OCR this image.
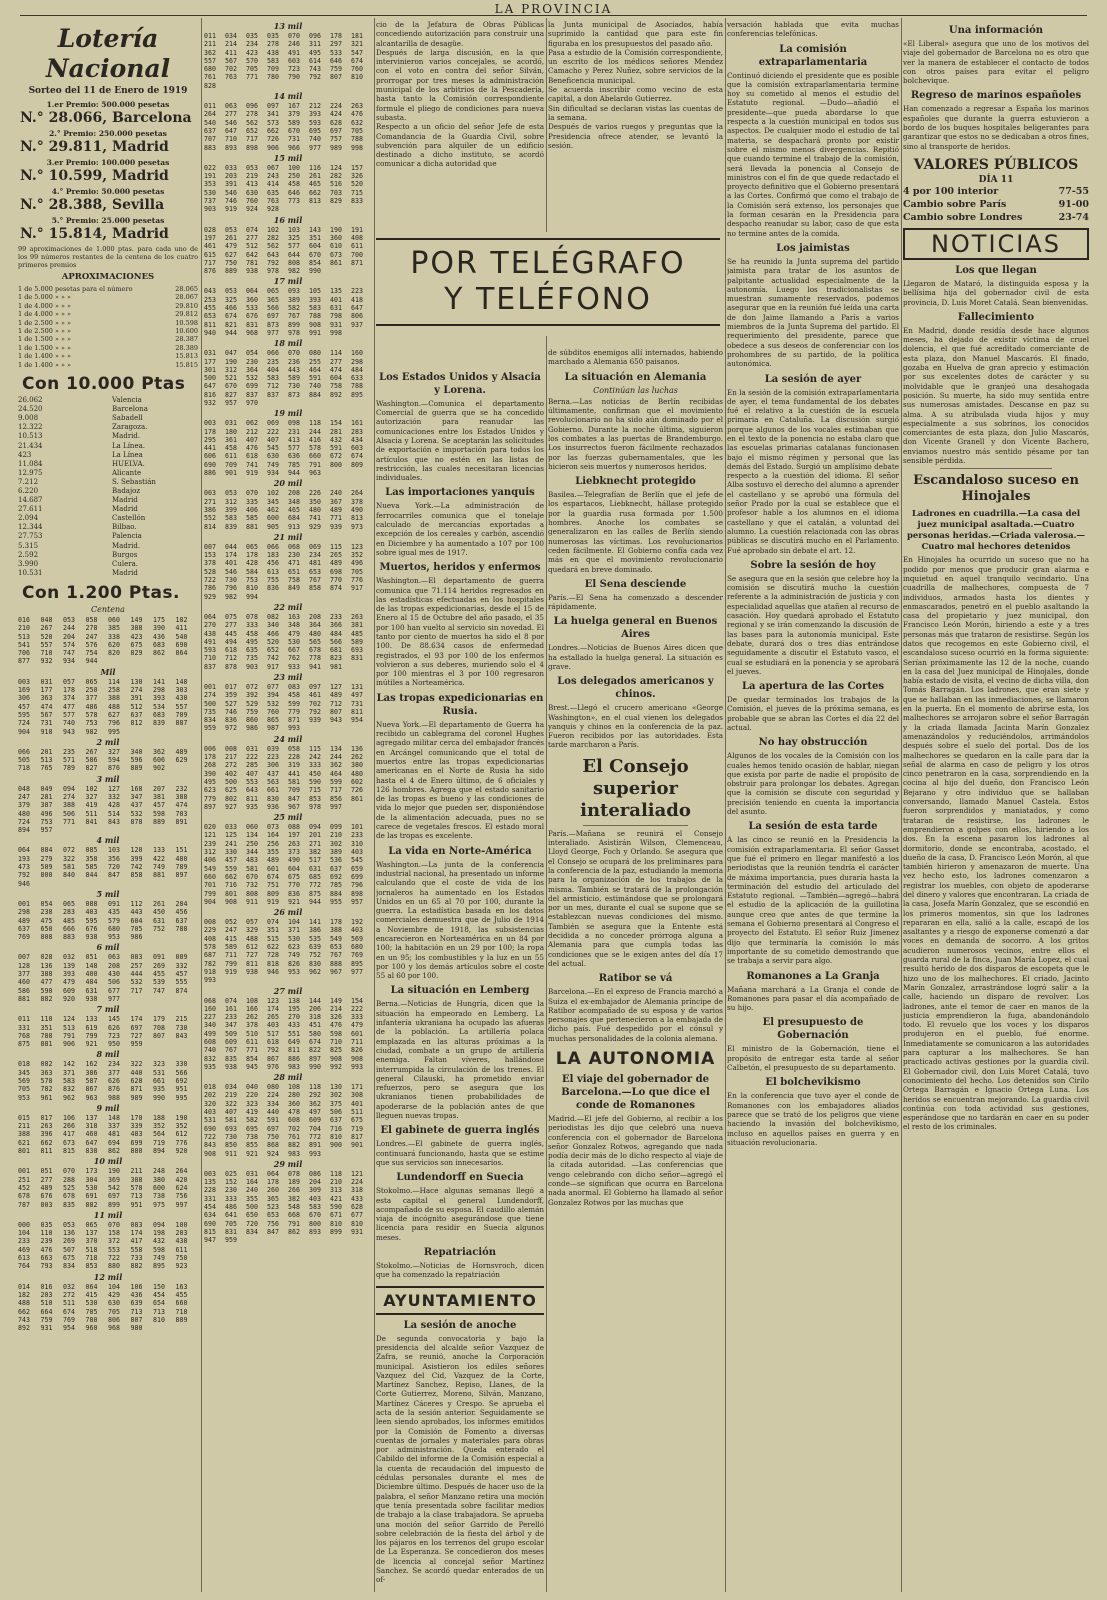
LA PROVINCIA
Lotería Nacional
Sorteo del 11 de Enero de 1919
1.er Premio: 500.000 pesetas
N.° 28.066, Barcelona
2.° Premio: 250.000 pesetas
N.° 29.811, Madrid
3.er Premio: 100.000 pesetas
N.° 10.599, Madrid
4.° Premio: 50.000 pesetas
N.° 28.388, Sevilla
5.° Premio: 25.000 pesetas
N.° 15.814, Madrid

99 aproximaciones de 1.000 ptas. para cada uno de los 99 números restantes de la centena de los cuatro primeros premios

APROXIMACIONES
1 de 5.000 pesetas para el número	28.065
1 de 5.000 » » »	28.067
1 de 4.000 » » »	29.810
1 de 4.000 » » »	29.812
1 de 2.500 » » »	10.598
1 de 2.500 » » »	10.600
1 de 1.500 » » »	28.387
1 de 1.500 » » »	28.389
1 de 1.400 » » »	15.813
1 de 1.400 » » »	15.815
Con 10.000 Ptas
26.062	Valencia
24.520	Barcelona
9.008	Sabadell
12.322	Zaragoza.
10.513	Madrid.
21.434	La Línea.
423	La Línea
11.084	HUELVA.
12.975	Alicante
7.212	S. Sebastián
6.220	Badajoz
14.687	Madrid
27.611	Madrid
2.094	Castellón
12.344	Bilbao.
27.753	Palencia
5.315	Madrid.
2.592	Burgos
3.990	Culera.
10.531	Madrid
Con 1.200 Ptas.
Centena
016	048	053	058	060	149	175	182
210	267	244	278	385	388	390	411
513	520	204	247	338	423	436	540
541	557	574	576	620	675	683	690
706	710	747	754	820	829	862	864
877	932	934	944
Mil
003	031	057	065	114	130	141	148
169	177	178	250	258	274	298	303
306	363	374	377	388	391	393	430
457	474	477	486	488	512	534	557
595	567	577	578	627	637	683	709
724	731	740	753	796	812	839	887
904	918	943	982	995
2 mil
066	201	235	267	327	340	362	489
505	513	571	586	594	596	606	629
718	765	789	827	876	889	902
3 mil
048	049	094	102	127	168	207	232
247	281	274	327	332	347	381	388
379	387	388	419	428	437	457	474
480	496	506	511	514	532	598	703
724	753	771	841	843	878	889	891
894	957
4 mil
064	084	072	085	103	120	133	151
193	279	322	358	356	399	422	480
473	509	581	585	720	742	749	789
792	800	840	844	847	858	881	897
946
5 mil
001	054	065	088	091	112	261	284
298	238	283	403	435	443	450	456
489	475	485	595	579	604	631	637
637	650	666	676	680	705	752	788
769	808	883	938	953	986
6 mil
007	028	032	051	063	083	091	089
128	136	139	148	208	257	269	332
377	388	393	400	430	444	455	457
460	477	479	484	506	532	539	555
586	590	609	631	677	717	747	874
881	882	920	938	977
7 mil
011	110	124	133	145	174	179	215
331	351	513	619	626	697	708	730
768	788	791	799	723	727	807	843
875	881	906	921	950	959
8 mil
018	082	142	162	234	322	323	330
345	363	371	386	377	440	531	566
569	578	583	587	626	628	661	692
705	782	832	867	876	871	935	951
953	961	962	963	988	989	990	995
9 mil
015	017	106	137	148	170	188	190
211	263	266	318	337	339	352	352
388	396	417	460	481	483	564	612
621	662	673	647	694	699	719	776
801	811	815	838	862	880	894	920
10 mil
001	051	070	173	190	211	248	264
251	277	288	304	369	388	380	420
452	489	525	530	542	578	600	624
678	676	678	691	697	713	738	756
787	803	835	882	899	951	975	997
11 mil
000	035	053	065	070	083	094	100
104	110	136	137	158	174	198	203
233	239	269	370	372	417	432	438
469	476	507	518	553	558	598	611
613	663	675	718	722	733	749	750
764	793	834	853	880	882	895	923
12 mil
014	016	032	064	104	106	150	163
182	203	272	415	429	436	454	455
488	510	511	530	630	639	654	660
662	664	674	705	705	713	713	718
743	759	769	780	806	807	810	889
892	931	954	960	968	980
13 mil
011	034	035	035	070	096	178	181
211	214	234	278	246	311	297	321
362	411	423	438	491	495	533	547
557	567	570	583	603	614	646	674
680	702	705	709	723	743	759	760
761	763	771	780	790	792	807	810
828
14 mil
011	063	096	097	167	212	224	263
264	277	278	341	379	393	424	476
540	546	562	573	589	593	628	632
637	647	652	662	670	695	697	705
707	710	717	726	731	740	757	788
883	893	898	906	966	977	989	998
15 mil
022	033	053	067	100	116	124	157
191	203	219	243	250	261	282	326
353	391	413	414	458	465	516	520
530	546	630	635	646	662	703	715
737	746	760	763	773	813	829	833
903	919	924	928
16 mil
028	053	074	102	103	143	190	191
197	261	277	282	325	351	360	408
461	479	512	562	577	604	610	611
615	627	642	643	644	670	673	700
717	750	781	792	808	854	861	871
876	889	938	978	982	990
17 mil
043	053	064	065	093	105	135	223
253	325	360	365	389	393	401	418
455	466	533	566	582	583	631	647
653	674	676	697	767	788	798	806
811	821	831	873	899	908	931	937
940	944	968	977	978	991	998
18 mil
031	047	054	066	070	080	114	160
177	190	230	235	236	255	277	298
301	312	364	404	443	464	474	484
500	521	532	583	589	591	604	633
647	670	699	712	730	740	758	788
816	827	837	837	873	884	892	895
932	957	970
19 mil
003	031	062	069	098	118	154	161
178	180	212	222	231	244	281	283
295	361	407	407	413	416	432	434
441	458	476	545	577	578	591	603
606	611	618	630	636	660	672	674
690	709	741	749	785	791	800	809
886	901	919	934	944	963
20 mil
003	053	070	102	208	226	240	264
271	312	335	345	348	350	367	378
386	399	406	462	465	480	489	490
552	583	585	600	684	741	771	813
814	839	881	905	913	929	939	973
21 mil
007	044	065	066	068	069	115	123
153	174	178	183	230	234	265	352
378	401	428	456	471	481	489	496
528	546	584	613	651	653	698	705
722	730	753	755	758	767	770	776
786	796	810	836	849	858	874	917
929	982	994
22 mil
064	075	078	082	163	208	233	263
270	277	333	340	348	364	366	381
438	445	458	466	479	480	484	485
491	494	495	520	530	565	566	589
593	618	635	652	667	678	681	693
710	712	735	742	762	778	823	831
837	878	903	917	933	941	981
23 mil
001	017	072	077	083	097	127	131
274	359	392	394	458	461	489	497
500	527	529	532	599	702	712	731
735	746	759	760	779	792	807	811
834	836	860	865	871	939	943	954
959	972	986	987	993
24 mil
006	008	031	039	058	115	134	136
178	217	222	223	228	242	244	262
268	272	285	306	319	333	362	380
390	402	407	437	441	450	464	480
495	500	553	563	581	590	599	602
623	625	643	661	709	715	717	726
779	802	811	830	847	853	856	861
897	927	935	936	967	978	997
25 mil
020	033	060	073	088	094	099	101
121	125	134	164	197	201	210	233
239	241	250	256	263	271	302	310
312	330	344	355	373	382	389	403
406	457	483	489	490	517	536	545
549	559	581	601	604	631	637	659
660	662	670	674	675	685	692	699
701	716	732	751	770	772	785	796
799	801	808	809	836	875	884	898
904	908	911	919	921	944	955	957
26 mil
008	052	057	074	104	141	178	192
229	247	329	351	371	386	388	403
408	415	488	515	530	535	549	569
578	589	612	622	623	639	653	680
687	711	727	728	749	752	767	769
782	799	811	818	826	830	888	895
918	919	938	946	953	962	967	977
993
27 mil
068	074	108	123	138	144	149	154
160	161	166	174	195	206	214	222
227	233	262	265	270	318	326	333
340	347	378	403	433	451	476	479
499	509	510	517	551	580	598	601
608	609	611	618	649	674	710	711
740	767	771	792	811	822	825	826
832	835	854	867	886	897	908	908
935	938	945	976	983	990	992	993
28 mil
018	034	040	080	108	118	130	171
202	219	220	224	280	292	302	308
320	322	323	334	360	362	375	401
403	407	419	440	478	497	506	511
531	581	582	591	608	609	637	675
690	693	695	697	702	704	716	719
722	730	738	750	761	772	810	817
843	850	855	868	882	891	900	901
908	911	921	924	983	993
29 mil
003	025	031	064	078	086	118	121
135	152	164	178	189	204	210	224
228	230	240	260	266	309	313	318
331	333	355	365	382	403	421	433
454	486	500	523	548	583	590	628
634	641	650	653	668	670	671	677
690	705	720	756	791	800	810	810
815	831	834	847	862	893	899	931
947	959

cio de la Jefatura de Obras Públicas concediendo autorización para construir una alcantarilla de desagüe.

Después de larga discusión, en la que intervinieron varios concejales, se acordó, con el voto en contra del señor Silván, prorrogar por tres meses la administración municipal de los arbitrios de la Pescadería, hasta tanto la Comisión correspondiente formule el pliego de condiciones para nueva subasta.

Respecto a un oficio del señor Jefe de esta Comandancia de la Guardia Civil, sobre subvención para alquiler de un edificio destinado a dicho instituto, se acordó comunicar a dicha autoridad que

Los Estados Unidos y Alsacia y Lorena.

Washington.—Comunica el departamento Comercial de guerra que se ha concedido autorización para reanudar las comunicaciones entre los Estados Unidos y Alsacia y Lorena. Se aceptarán las solicitudes de exportación e importación para todos los artículos que no estén en las listas de restricción, las cuales necesitaran licencias individuales.

Las importaciones yanquis

Nueva York.—La administración de ferrocarriles comunica que el tonelaje calculado de mercancías exportadas a excepción de los cereales y carbón, ascendió en Diciembre y ha aumentado a 107 por 100 sobre igual mes de 1917.

Muertos, heridos y enfermos

Washington.—El departamento de guerra comunica que 71.114 heridos regresados en las estadísticas efectuadas en los hospitales de las tropas expedicionarias, desde el 15 de Enero al 15 de Octubre del año pasado, el 35 por 100 han vuelto al servicio sin novedad. El tanto por ciento de muertos ha sido el 8 por 100. De 88.634 casos de enfermedad registrados, el 93 por 100 de los enfermos volvieron a sus deberes, muriendo solo el 4 por 100 mientras el 3 por 100 regresaron inútiles a Norteamérica.

Las tropas expedicionarias en Rusia.

Nueva York.—El departamento de Guerra ha recibido un cablegrama del coronel Hughes agregado militar cerca del embajador francés en Arcángel comunicando que el total de muertos entre las tropas expedicionarias americanas en el Norte de Rusia ha sido hasta el 4 de Enero último, de 6 oficiales y 126 hombres. Agrega que el estado sanitario de las tropas es bueno y las condiciones de vida lo mejor que pueden ser, disponiéndose de la alimentación adecuada, pues no se carece de vegetales frescos. El estado moral de las tropas es excelente.

La vida en Norte-América

Washington.—La junta de la conferencia industrial nacional, ha presentado un informe calculando que el coste de vida de los jornaleros ha aumentado en los Estados Unidos en un 65 al 70 por 100, durante la guerra. La estadística basada en los datos comerciales demuestra que de Julio de 1914 a Noviembre de 1918, las subsistencias encarecieron en Norteamérica en un 84 por 100; la habitación en un 29 por 100; la ropa en un 95; los combustibles y la luz en un 55 por 100 y los demás artículos sobre el coste 55 al 60 por 100.

La situación en Lemberg

Berna.—Noticias de Hungría, dicen que la situación ha empeorado en Lemberg. La infantería ukraniana ha ocupado las afueras de la población. La artillería polaca emplazada en las alturas próximas a la ciudad, combate a un grupo de artillería enemiga. Faltan víveres, hallándose interrumpida la circulación de los trenes. El general Cilauski, ha prometido enviar refuerzos, pero se asegura que los ukranianos tienen probabilidades de apoderarse de la población antes de que lleguen nuevas tropas.

El gabinete de guerra inglés

Londres.—El gabinete de guerra inglés, continuará funcionando, hasta que se estime que sus servicios son innecesarios.

Lundendorff en Suecia

Stokolmo.—Hace algunas semanas llegó a esta capital el general Lundendorff, acompañado de su esposa. El caudillo alemán viaja de incógnito asegurándose que tiene licencia para residir en Suecia algunos meses.

Repatriación

Stokolmo.—Noticias de Hornsvroch, dicen que ha comenzado la repatriación

AYUNTAMIENTO
La sesión de anoche

De segunda convocatoria y bajo la presidencia del alcalde señor Vazquez de Zafra, se reunió, anoche la Corporación municipal. Asistieron los ediles señores Vazquez del Cid, Vazquez de la Corte, Martínez Sanchez, Repiso, Llanes, de la Corte Gutierrez, Moreno, Silván, Manzano, Martínez Cáceres y Crespo. Se aprueba el acta de la sesión anterior. Seguidamente se leen siendo aprobados, los informes emitidos por la Comisión de Fomento a diversas cuentas de jornales y materiales para obras por administración. Queda enterado el Cabildo del informe de la Comisión especial a la cuenta de recaudación del impuesto de cédulas personales durante el mes de Diciembre último. Después de hacer uso de la palabra, el señor Manzano retira una moción que tenía presentada sobre facilitar medios de trabajo a la clase trabajadora. Se aprueba una moción del señor Garrido de Perelló sobre celebración de la fiesta del árbol y de los pájaros en los terrenos del grupo escolar de La Esperanza. Se concedieron dos meses de licencia al concejal señor Martínez Sanchez. Se acordó quedar enterados de un of-

la Junta municipal de Asociados, había suprimido la cantidad que para este fin figuraba en los presupuestos del pasado año.

Pasa a estudio de la Comisión correspondiente, un escrito de los médicos señores Mendez Camacho y Perez Nuñez, sobre servicios de la Beneficencia municipal.

Se acuerda inscribir como vecino de esta capital, a don Abelardo Gutierrez.

Sin dificultad se declaran vistas las cuentas de la semana.

Después de varios ruegos y preguntas que la Presidencia ofrece atender, se levantó la sesión.

de súbditos enemigos allí internados, habiendo marchado a Alemania 650 paisanos.

La situación en Alemania
Continúan las luchas

Berna.—Las noticias de Berlín recibidas últimamente, confirman que el movimiento revolucionario no ha sido aún dominado por el Gobierno. Durante la noche última, siguieron los combates a las puertas de Brandemburgo. Los insurrectos fueron fácilmente rechazados por las fuerzas gubernamentales, que les hicieron seis muertos y numerosos heridos.

Liebknecht protegido

Basilea.—Telegrafían de Berlín que el jefe de los espartacos, Liebknecht, hállase protegido por la guardia rusa formada por 1.500 hombres. Anoche los combates se generalizaron en las calles de Berlín siendo numerosas las víctimas. Los revolucionarios ceden fácilmente. El Gobierno confía cada vez más en que el movimiento revolucionario quedará en breve dominado.

El Sena desciende

París.—El Sena ha comenzado a descender rápidamente.

La huelga general en Buenos Aires

Londres.—Noticias de Buenos Aires dicen que ha estallado la huelga general. La situación es grave.

Los delegados americanos y chinos.

Brest.—Llegó el crucero americano «George Washington», en el cual vienen los delegados yanquis y chinos en la conferencia de la paz. Fueron recibidos por las autoridades. Esta tarde marcharon a París.

El Consejo superior interaliado

París.—Mañana se reunirá el Consejo interaliado. Asistirán Wilson, Clemenceau, Lloyd George, Foch y Orlando. Se asegura que el Consejo se ocupará de los preliminares para la conferencia de la paz, estudiando la memoria para la organización de los trabajos de la misma. También se tratará de la prolongación del armisticio, estimándose que se prolongará por un mes, durante el cual se supone que se establezcan nuevas condiciones del mismo. También se asegura que la Entente está decidida a no conceder prórroga alguna a Alemania para que cumpla todas las condiciones que se le exigen antes del día 17 del actual.

Ratibor se vá

Barcelona.—En el expreso de Francia marchó a Suiza el ex-embajador de Alemania príncipe de Ratibor acompañado de su esposa y de varios personajes que pertenecieron a la embajada de dicho país. Fué despedido por el cónsul y muchas personalidades de la colonia alemana.

LA AUTONOMIA
El viaje del gobernador de Barcelona.—Lo que dice el conde de Romanones

Madrid.—El jefe del Gobierno, al recibir a los periodistas les dijo que celebró una nueva conferencia con el gobernador de Barcelona señor Gonzalez Rotwos, agregando que nada podía decir más de lo dicho respecto al viaje de la citada autoridad. —Las conferencias que vengo celebrando con dicho señor—agregó el conde—se significan que ocurra en Barcelona nada anormal. El Gobierno ha llamado al señor Gonzalez Rotwos por las muchas que

POR TELÉGRAFO
Y TELÉFONO

versación hablada que evita muchas conferencias telefónicas.

La comisión extraparlamentaria

Continuó diciendo el presidente que es posible que la comisión extraparlamentaria termine hoy su cometido al menos el estudio del Estatuto regional. —Dudo—añadió el presidente—que pueda abordarse lo que respecta a la cuestión municipal en todos sus aspectos. De cualquier modo el estudio de tal materia, se despachará pronto por existir sobre el mismo menos divergencias. Repitió que cuando termine el trabajo de la comisión, será llevada la ponencia al Consejo de ministros con el fin de que quede redactado el proyecto definitivo que el Gobierno presentará a las Cortes. Confirmó que como el trabajo de la Comisión será extenso, los personajes que la forman cesarán en la Presidencia para despacho reanudar su labor, caso de que esta no termine antes de la comida.

Los jaimistas

Se ha reunido la Junta suprema del partido jaimista para tratar de los asuntos de palpitante actualidad especialmente de la autonomía. Luego los tradicionalistas se muestran sumamente reservados, podemos asegurar que en la reunión fué leída una carta de don Jaime llamando a París a varios miembros de la Junta Suprema del partido. El requerimiento del presidente, parece que obedece a sus deseos de conferenciar con los prohombres de su partido, de la política autonómica.

La sesión de ayer

En la sesión de la comisión extraparlamentaria de ayer, el tema fundamental de los debates fué el relativo a la cuestión de la escuela primaria en Cataluña. La discusión surgió porque algunos de los vocales estimaban que en el texto de la ponencia no estaba claro que las escuelas primarias catalanas funcionasen bajo el mismo régimen y personal que las demás del Estado. Surgió un amplísimo debate respecto a la cuestión del idioma. El señor Alba sostuvo el derecho del alumno a aprender el castellano y se aprobó una fórmula del señor Prado por la cual se establece que el profesor hable a los alumnos en el idioma castellano y que el catalán, a voluntad del alumno. La cuestión relacionada con las obras públicas se discutirá mucho en el Parlamento. Fué aprobado sin debate el art. 12.

Sobre la sesión de hoy

Se asegura que en la sesión que celebre hoy la comisión se discutirá mucho la cuestión referente a la administración de justicia y con especialidad aquellas que atañen al recurso de casación. Hoy quedará aprobado el Estatuto regional y se irán comenzando la discusión de las bases para la autonomía municipal. Este debate, durará dos o tres días entrándose seguidamente a discutir el Estatuto vasco, el cual se estudiará en la ponencia y se aprobará el jueves.

La apertura de las Cortes

De quedar terminados los trabajos de la Comisión, el jueves de la próxima semana, es probable que se abran las Cortes el día 22 del actual.

No hay obstrucción

Algunos de los vocales de la Comisión con los cuales hemos tenido ocasión de hablar, niegan que exista por parte de nadie el propósito de obstruir para prolongar los debates. Agregan que la comisión se discute con seguridad y precisión teniendo en cuenta la importancia del asunto.

La sesión de esta tarde

A las cinco se reunió en la Presidencia la comisión extraparlamentaria. El señor Gasset que fué el primero en llegar manifestó a los periodistas que la reunión tendría el carácter de máxima importancia, pues duraría hasta la terminación del estudio del articulado del Estatuto regional. —También—agregó—habrá el estudio de la aplicación de la guillotina aunque creo que antes de que termine la semana el Gobierno presentará al Congreso el proyecto del Estatuto. El señor Ruiz Jimenez dijo que terminaría la comisión lo más importante de su cometido demostrando que se trabaja a servir para algo.

Romanones a La Granja

Mañana marchará a La Granja el conde de Romanones para pasar el día acompañado de su hijo.

El presupuesto de Gobernación

El ministro de la Gobernación, tiene el propósito de entregar esta tarde al señor Calbetón, el presupuesto de su departamento.

El bolchevikismo

En la conferencia que tuvo ayer el conde de Romanones con los embajadores aliados parece que se trató de los peligros que viene haciendo la invasión del bolchevikismo, incluso en aquellos países en guerra y en situación revolucionaria.

Una información

«El Liberal» asegura que uno de los motivos del viaje del gobernador de Barcelona no es otro que ver la manera de establecer el contacto de todos con otros países para evitar el peligro bolchevique.

Regreso de marinos españoles

Han comenzado a regresar a España los marinos españoles que durante la guerra estuvieron a bordo de los buques hospitales beligerantes para garantizar que estos no se dedicaban a otros fines, sino al transporte de heridos.

VALORES PÚBLICOS
DÍA 11
4 por 100 interior	77-55
Cambio sobre París	91-00
Cambio sobre Londres	23-74
NOTICIAS
Los que llegan

Llegaron de Mataró, la distinguida esposa y la bellísima hija del gobernador civil de esta provincia, D. Luis Moret Catalá. Sean bienvenidas.

Fallecimiento

En Madrid, donde residía desde hace algunos meses, ha dejado de existir víctima de cruel dolencia, el que fué acreditado comerciante de esta plaza, don Manuel Mascarós. El finado, gozaba en Huelva de gran aprecio y estimación por sus excelentes dotes de carácter y su inolvidable que le granjeó una desahogada posición. Su muerte, ha sido muy sentida entre sus numerosas amistades. Descanse en paz su alma. A su atribulada viuda hijos y muy especialmente a sus sobrinos, los conocidos comerciantes de esta plaza, don Julio Mascarós, don Vicente Granell y don Vicente Bachero, enviamos nuestro más sentido pésame por tan sensible pérdida.

Escandaloso suceso en Hinojales
Ladrones en cuadrilla.—La casa del juez municipal asaltada.—Cuatro personas heridas.—Criada valerosa.—Cuatro mal hechores detenidos

En Hinojales ha ocurrido un suceso que no ha podido por menos que producir gran alarma e inquietud en aquel tranquilo vecindario. Una cuadrilla de malhechores, compuesta de 7 individuos, armados hasta los dientes y enmascarados, penetró en el pueblo asaltando la casa del propietario y juez municipal, don Francisco León Morón, hiriendo a este y a tres personas más que trataron de resistirse. Según los datos que recogemos en este Gobierno civil, el escandaloso suceso ocurrió en la forma siguiente: Serían próximamente las 12 de la noche, cuando en la casa del Juez municipal de Hinojales, donde había estado de visita, el vecino de dicha villa, don Tomás Barragán. Los ladrones, que eran siete y que se hallaban en las inmediaciones, se llamaron en la puerta. En el momento de abrirse esta, los malhechores se arrojaron sobre el señor Barragán y la criada llamada Jacinta Marín Gonzalez amenazándolos y reduciéndolos, arrimándolos después sobre el suelo del portal. Dos de los malhechores se quedaron en la calle para dar la señal de alarma en caso de peligro y los otros cinco penetraron en la casa, sorprendiendo en la cocina al hijo del dueño, don Francisco León Bejarano y otro individuo que se hallaban conversando, llamado Manuel Castela. Estos fueron sorprendidos y maniatados, y como trataran de resistirse, los ladrones le emprendieron a golpes con ellos, hiriendo a los dos. En la escena pasaron los ladrones al dormitorio, donde se encontraba, acostado, el dueño de la casa, D. Francisco León Morón, al que también hirieron y amenazaron de muerte. Una vez hecho esto, los ladrones comenzaron a registrar los muebles, con objeto de apoderarse del dinero y valores que encontraran. La criada de la casa, Josefa Marín Gonzalez, que se escondió en los primeros momentos, sin que los ladrones repararan en ella, salió a la calle, escapó de los asaltantes y a riesgo de exponerse comenzó a dar voces en demanda de socorro. A los gritos acudieron numerosos vecinos, entre ellos el guarda rural de la finca, Juan María Lopez, el cual resultó herido de dos disparos de escopeta que le hizo uno de los malhechores. El criado, Jacinto Marín Gonzalez, arrastrándose logró salir a la calle, haciendo un disparo de revolver. Los ladrones, ante el temor de caer en manos de la justicia emprendieron la fuga, abandonándolo todo. El revuelo que los voces y los disparos produjeron en el pueblo, fué enorme. Inmediatamente se comunicaron a las autoridades para capturar a los malhechores. Se han practicado activas gestiones por la guardia civil. El Gobernador civil, don Luis Moret Catalá, tuvo conocimiento del hecho. Los detenidos son Cirilo Ortega Barragán e Ignacio Ortega Luna. Los heridos se encuentran mejorando. La guardia civil continúa con toda actividad sus gestiones, esperándose que no tardarán en caer en su poder el resto de los criminales.
